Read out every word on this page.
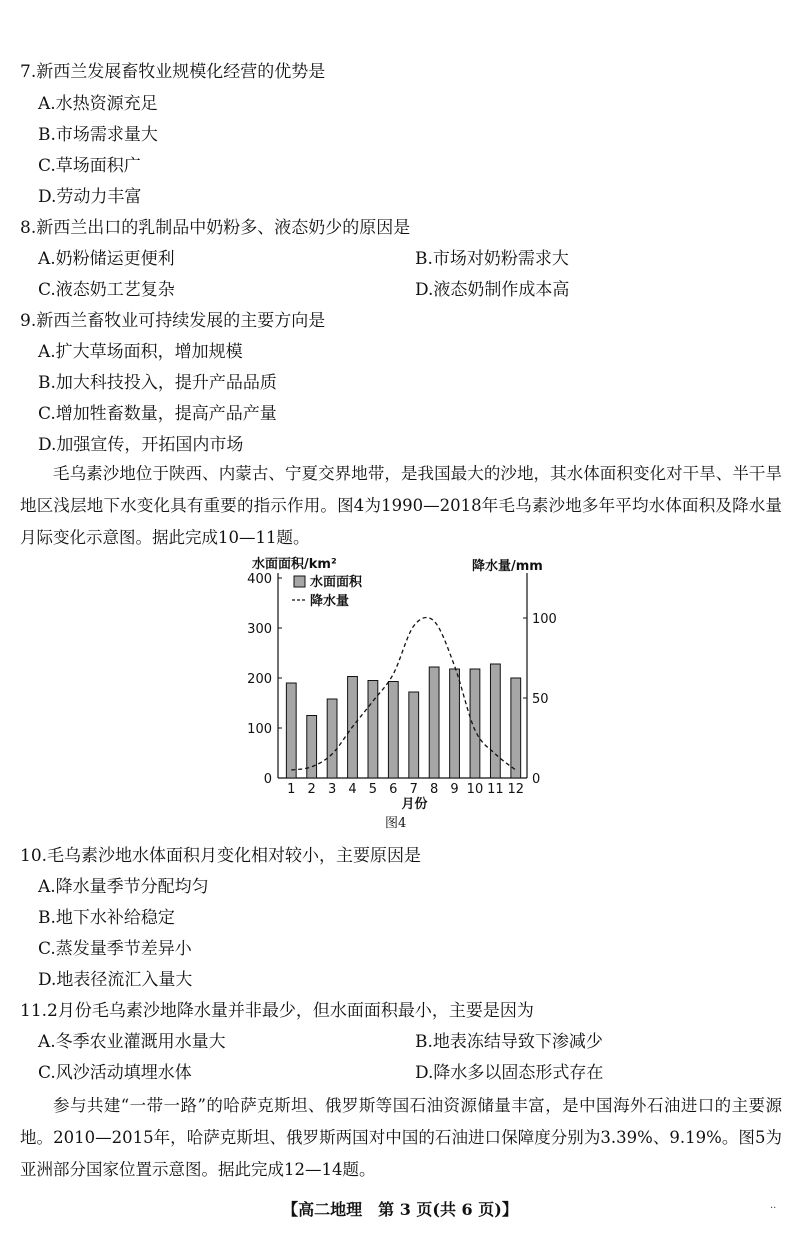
7.新西兰发展畜牧业规模化经营的优势是
A.水热资源充足
B.市场需求量大
C.草场面积广
D.劳动力丰富
8.新西兰出口的乳制品中奶粉多、液态奶少的原因是
A.奶粉储运更便利	B.市场对奶粉需求大
C.液态奶工艺复杂	D.液态奶制作成本高
9.新西兰畜牧业可持续发展的主要方向是
A.扩大草场面积，增加规模
B.加大科技投入，提升产品品质
C.增加牲畜数量，提高产品产量
D.加强宣传，开拓国内市场
毛乌素沙地位于陕西、内蒙古、宁夏交界地带，是我国最大的沙地，其水体面积变化对干旱、半干旱地区浅层地下水变化具有重要的指示作用。图4为1990—2018年毛乌素沙地多年平均水体面积及降水量月际变化示意图。据此完成10—11题。
0
100
200
300
400
0
50
100
水面面积/km²	降水量/mm
月份
1 2 3 4 5 6 7 8 9 10 11 12
水面面积
降水量
图4
10.毛乌素沙地水体面积月变化相对较小，主要原因是
A.降水量季节分配均匀
B.地下水补给稳定
C.蒸发量季节差异小
D.地表径流汇入量大
11.2月份毛乌素沙地降水量并非最少，但水面面积最小，主要是因为
A.冬季农业灌溉用水量大	B.地表冻结导致下渗减少
C.风沙活动填埋水体	D.降水多以固态形式存在
参与共建“一带一路”的哈萨克斯坦、俄罗斯等国石油资源储量丰富，是中国海外石油进口的主要源地。2010—2015年，哈萨克斯坦、俄罗斯两国对中国的石油进口保障度分别为3.39%、9.19%。图5为亚洲部分国家位置示意图。据此完成12—14题。
【高二地理　第 3 页(共 6 页)】	··
